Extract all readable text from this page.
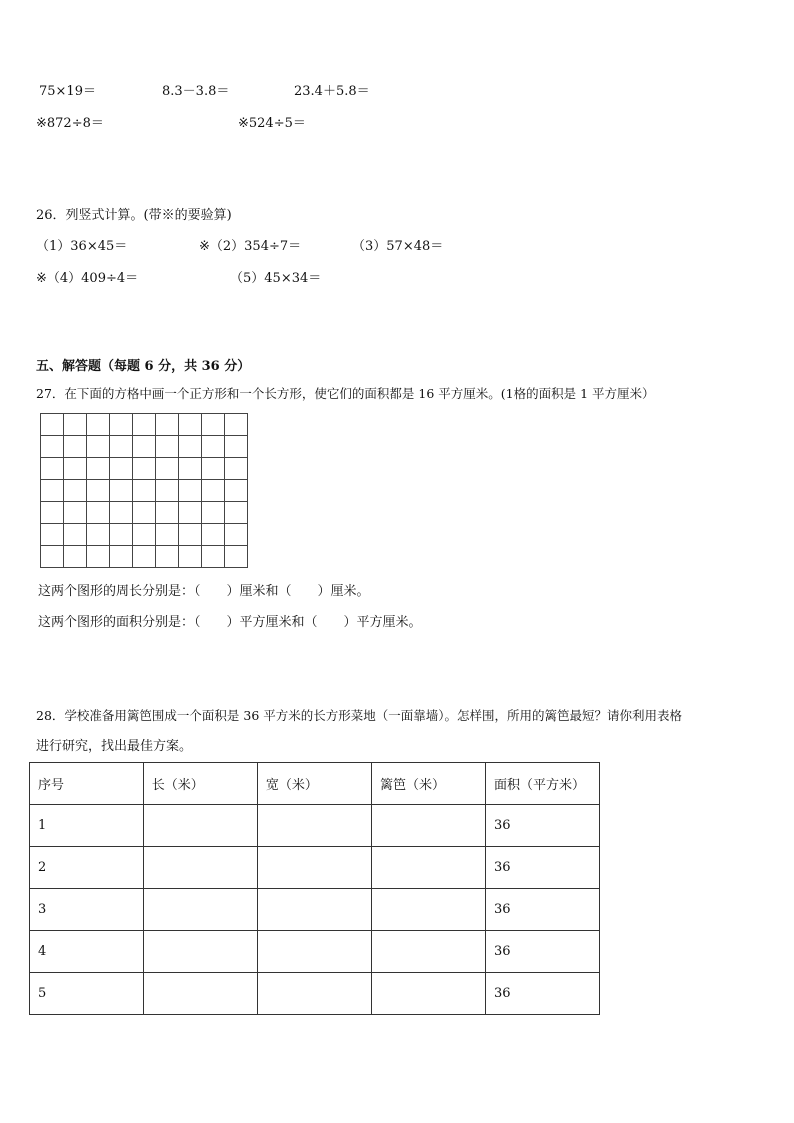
75×19＝	8.3－3.8＝	23.4＋5.8＝
※872÷8＝	※524÷5＝
26．列竖式计算。(带※的要验算)
（1）36×45＝	※（2）354÷7＝	（3）57×48＝
※（4）409÷4＝	（5）45×34＝
五、解答题（每题 6 分，共 36 分）
27．在下面的方格中画一个正方形和一个长方形，使它们的面积都是 16 平方厘米。(1格的面积是 1 平方厘米）

这两个图形的周长分别是：（　　）厘米和（　　）厘米。
这两个图形的面积分别是：（　　）平方厘米和（　　）平方厘米。
28．学校准备用篱笆围成一个面积是 36 平方米的长方形菜地（一面靠墙）。怎样围，所用的篱笆最短？请你利用表格
进行研究，找出最佳方案。
序号	长（米）	宽（米）	篱笆（米）	面积（平方米）
1				36
2				36
3				36
4				36
5				36
